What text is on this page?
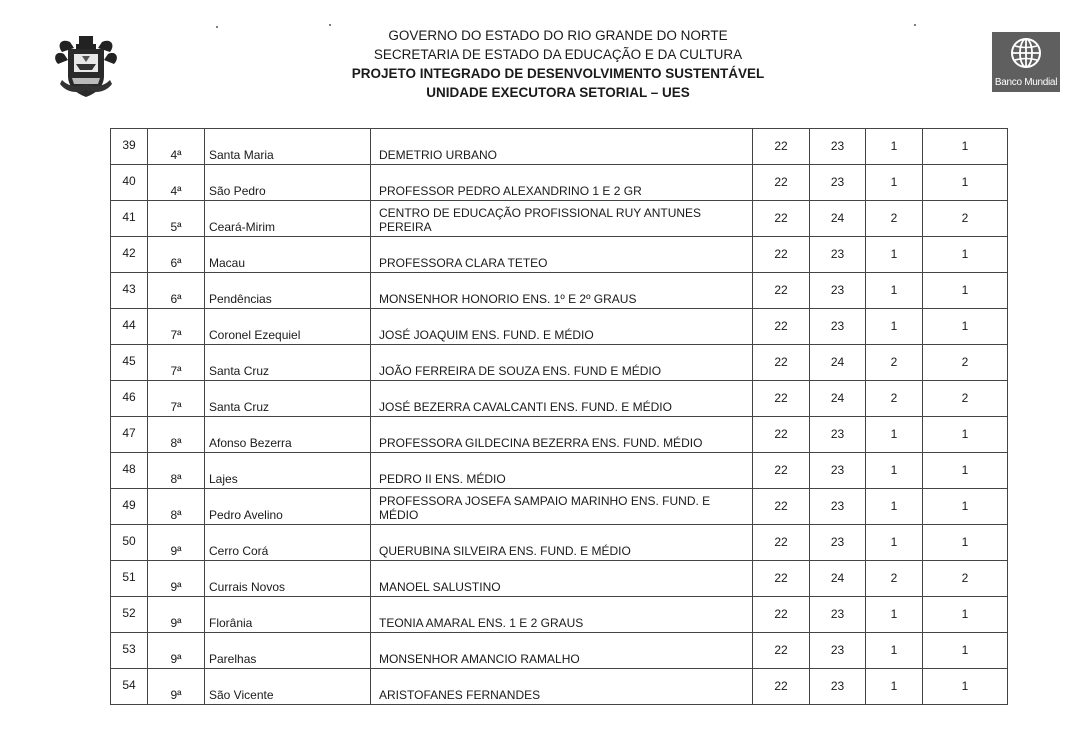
GOVERNO DO ESTADO DO RIO GRANDE DO NORTE
SECRETARIA DE ESTADO DA EDUCAÇÃO E DA CULTURA
PROJETO INTEGRADO DE DESENVOLVIMENTO SUSTENTÁVEL
UNIDADE EXECUTORA SETORIAL – UES
Banco Mundial
39	4ª	Santa Maria	DEMETRIO URBANO	22	23	1	1

40	4ª	São Pedro	PROFESSOR PEDRO ALEXANDRINO 1 E 2 GR	22	23	1	1

41	5ª	Ceará-Mirim	CENTRO DE EDUCAÇÃO PROFISSIONAL RUY ANTUNES PEREIRA	22	24	2	2

42	6ª	Macau	PROFESSORA CLARA TETEO	22	23	1	1

43	6ª	Pendências	MONSENHOR HONORIO ENS. 1º E 2º GRAUS	22	23	1	1

44	7ª	Coronel Ezequiel	JOSÉ JOAQUIM ENS. FUND. E MÉDIO	22	23	1	1

45	7ª	Santa Cruz	JOÃO FERREIRA DE SOUZA ENS. FUND E MÉDIO	22	24	2	2

46	7ª	Santa Cruz	JOSÉ BEZERRA CAVALCANTI ENS. FUND. E MÉDIO	22	24	2	2

47	8ª	Afonso Bezerra	PROFESSORA GILDECINA BEZERRA ENS. FUND. MÉDIO	22	23	1	1

48	8ª	Lajes	PEDRO II ENS. MÉDIO	22	23	1	1

49	8ª	Pedro Avelino	PROFESSORA JOSEFA SAMPAIO MARINHO ENS. FUND. E MÉDIO	22	23	1	1

50	9ª	Cerro Corá	QUERUBINA SILVEIRA ENS. FUND. E MÉDIO	22	23	1	1

51	9ª	Currais Novos	MANOEL SALUSTINO	22	24	2	2

52	9ª	Florânia	TEONIA AMARAL ENS. 1 E 2 GRAUS	22	23	1	1

53	9ª	Parelhas	MONSENHOR AMANCIO RAMALHO	22	23	1	1

54	9ª	São Vicente	ARISTOFANES FERNANDES	22	23	1	1
